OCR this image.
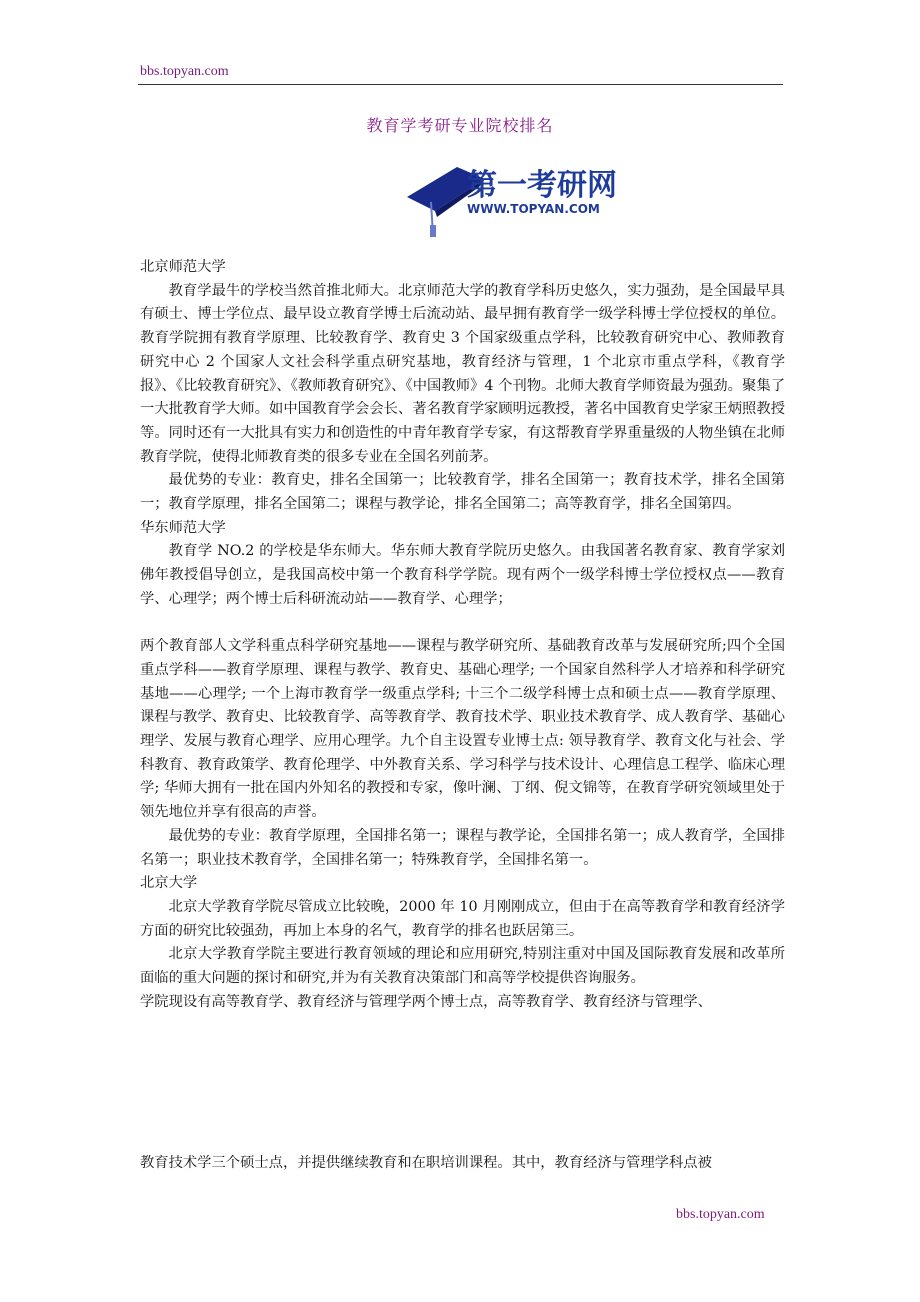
bbs.topyan.com
教育学考研专业院校排名
第一考研网
WWW.TOPYAN.COM

北京师范大学

教育学最牛的学校当然首推北师大。北京师范大学的教育学科历史悠久，实力强劲，是全国最早具有硕士、博士学位点、最早设立教育学博士后流动站、最早拥有教育学一级学科博士学位授权的单位。教育学院拥有教育学原理、比较教育学、教育史 3 个国家级重点学科，比较教育研究中心、教师教育研究中心 2 个国家人文社会科学重点研究基地，教育经济与管理，1 个北京市重点学科，《教育学报》、《比较教育研究》、《教师教育研究》、《中国教师》4 个刊物。北师大教育学师资最为强劲。聚集了一大批教育学大师。如中国教育学会会长、著名教育学家顾明远教授，著名中国教育史学家王炳照教授等。同时还有一大批具有实力和创造性的中青年教育学专家，有这帮教育学界重量级的人物坐镇在北师教育学院，使得北师教育类的很多专业在全国名列前茅。

最优势的专业：教育史，排名全国第一；比较教育学，排名全国第一；教育技术学，排名全国第一；教育学原理，排名全国第二；课程与教学论，排名全国第二；高等教育学，排名全国第四。

华东师范大学

教育学 NO.2 的学校是华东师大。华东师大教育学院历史悠久。由我国著名教育家、教育学家刘佛年教授倡导创立，是我国高校中第一个教育科学学院。现有两个一级学科博士学位授权点——教育学、心理学；两个博士后科研流动站——教育学、心理学；

两个教育部人文学科重点科学研究基地——课程与教学研究所、基础教育改革与发展研究所;四个全国重点学科——教育学原理、课程与教学、教育史、基础心理学; 一个国家自然科学人才培养和科学研究基地——心理学; 一个上海市教育学一级重点学科; 十三个二级学科博士点和硕士点——教育学原理、课程与教学、教育史、比较教育学、高等教育学、教育技术学、职业技术教育学、成人教育学、基础心理学、发展与教育心理学、应用心理学。九个自主设置专业博士点: 领导教育学、教育文化与社会、学科教育、教育政策学、教育伦理学、中外教育关系、学习科学与技术设计、心理信息工程学、临床心理学; 华师大拥有一批在国内外知名的教授和专家，像叶澜、丁纲、倪文锦等，在教育学研究领域里处于领先地位并享有很高的声誉。

最优势的专业：教育学原理，全国排名第一；课程与教学论，全国排名第一；成人教育学，全国排名第一；职业技术教育学，全国排名第一；特殊教育学，全国排名第一。

北京大学

北京大学教育学院尽管成立比较晚，2000 年 10 月刚刚成立，但由于在高等教育学和教育经济学方面的研究比较强劲，再加上本身的名气，教育学的排名也跃居第三。

北京大学教育学院主要进行教育领域的理论和应用研究,特别注重对中国及国际教育发展和改革所面临的重大问题的探讨和研究,并为有关教育决策部门和高等学校提供咨询服务。

学院现设有高等教育学、教育经济与管理学两个博士点，高等教育学、教育经济与管理学、

教育技术学三个硕士点，并提供继续教育和在职培训课程。其中，教育经济与管理学科点被
bbs.topyan.com
